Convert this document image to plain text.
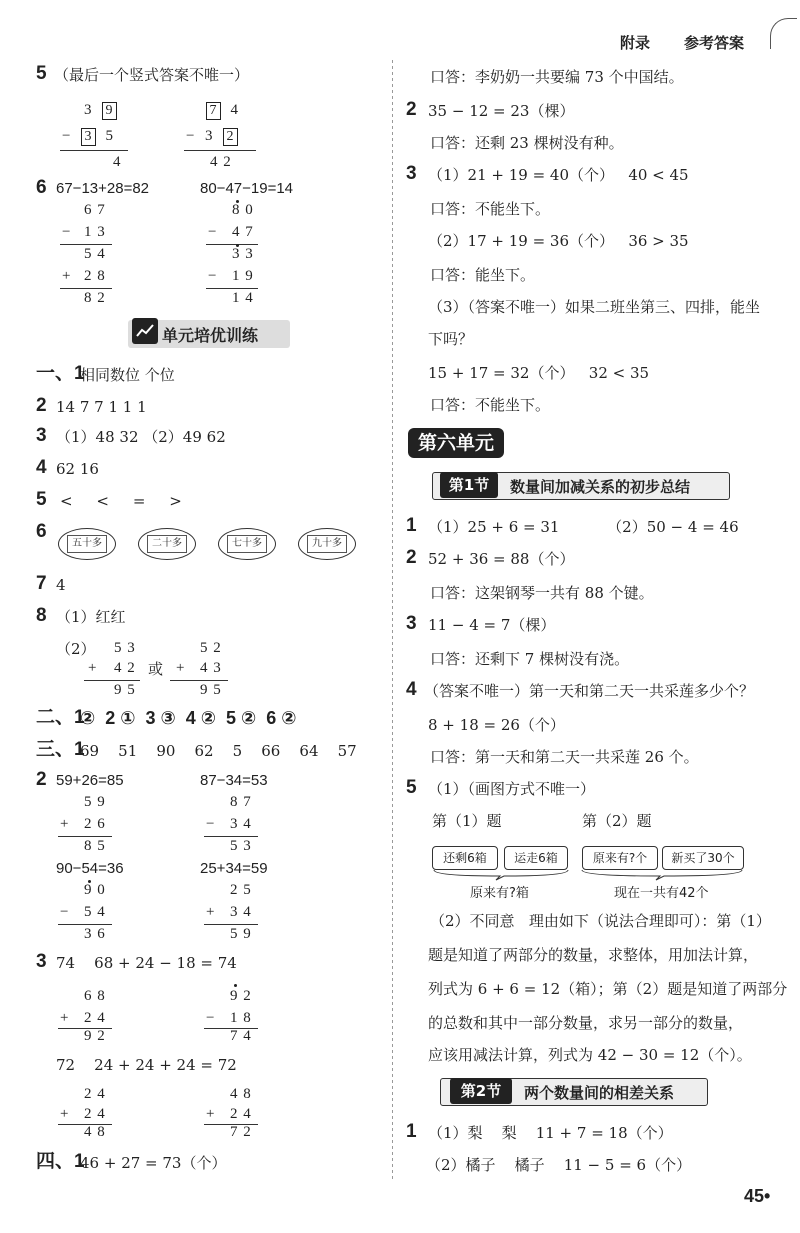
附录 参考答案
5 （最后一个竖式答案不唯一）
3 9
−  3 5
4
7 4
−  3 2
4 2
6 67−13+28=82	80−47−19=14
6 7
− 1 3
5 4
+ 2 8
8 2
8 0
− 4 7
3 3
− 1 9
1 4
单元培优训练
一、1
相同数位 个位
2 14 7 7 1 1 1
3 （1）48 32 （2）49 62
4 62 16
5 <     <     =     >
6
五十多	二十多	七十多	九十多
7 4
8 （1）红红
（2） 5 3
+ 4 2
9 5
或
5 2
+ 4 3
9 5
二、1
②  2 ①  3 ③  4 ②  5 ②  6 ②
三、1
69    51    90    62    5    66    64    57
2 59+26=85	87−34=53
5 9
+ 2 6
8 5
8 7
− 3 4
5 3
90−54=36	25+34=59
9 0
− 5 4
3 6
2 5
+ 3 4
5 9
3 74    68 + 24 − 18 = 74
6 8
+ 2 4
9 2
9 2
− 1 8
7 4
72    24 + 24 + 24 = 72
2 4
+ 2 4
4 8
4 8
+ 2 4
7 2
四、1
46 + 27 = 73（个）
口答：李奶奶一共要编 73 个中国结。
2 35 − 12 = 23（棵）
口答：还剩 23 棵树没有种。
3 （1）21 + 19 = 40（个）   40 < 45
口答：不能坐下。
（2）17 + 19 = 36（个）   36 > 35
口答：能坐下。
（3）（答案不唯一）如果二班坐第三、四排，能坐
下吗？
15 + 17 = 32（个）   32 < 35
口答：不能坐下。
第六单元
第1节	数量间加减关系的初步总结
1 （1）25 + 6 = 31          （2）50 − 4 = 46
2 52 + 36 = 88（个）
口答：这架钢琴一共有 88 个键。
3 11 − 4 = 7（棵）
口答：还剩下 7 棵树没有浇。
4 （答案不唯一）第一天和第二天一共采莲多少个？
8 + 18 = 26（个）
口答：第一天和第二天一共采莲 26 个。
5 （1）（画图方式不唯一）
第（1）题	第（2）题
还剩6箱	运走6箱	原来有?个	新买了30个
原来有?箱	现在一共有42个
（2）不同意   理由如下（说法合理即可）：第（1）
题是知道了两部分的数量，求整体，用加法计算，
列式为 6 + 6 = 12（箱）；第（2）题是知道了两部分
的总数和其中一部分数量，求另一部分的数量，
应该用减法计算，列式为 42 − 30 = 12（个）。
第2节	两个数量间的相差关系
1 （1）梨    梨    11 + 7 = 18（个）
（2）橘子    橘子    11 − 5 = 6（个）
45•
